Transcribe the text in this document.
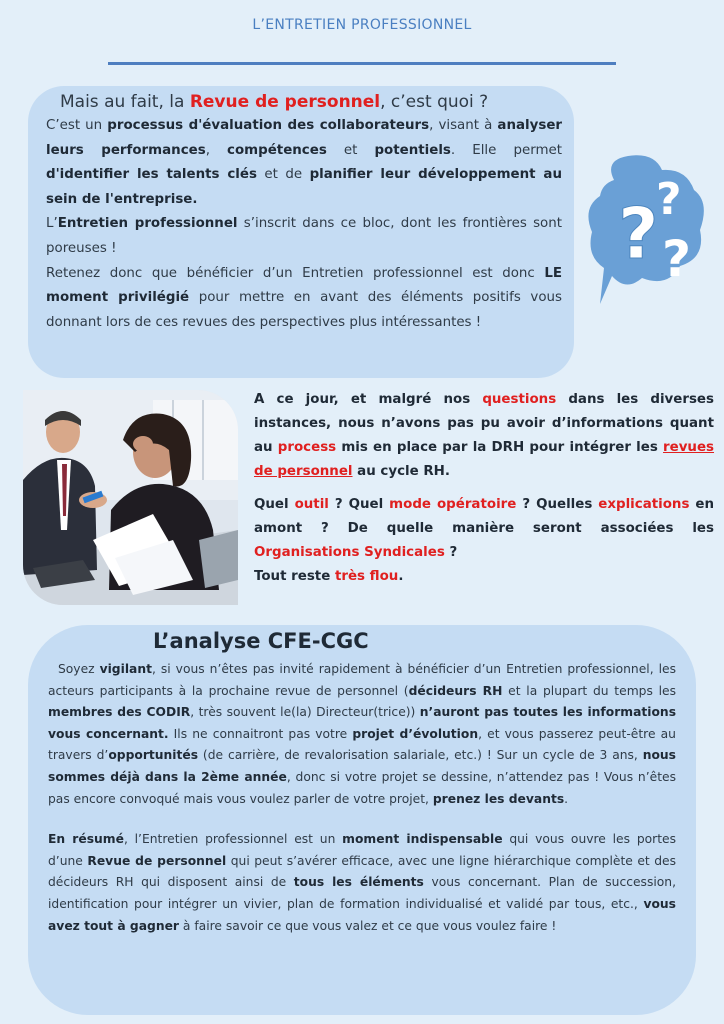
L’ENTRETIEN PROFESSIONNEL
Mais au fait, la Revue de personnel, c’est quoi ?

C’est un processus d'évaluation des collaborateurs, visant à analyser leurs performances, compétences et potentiels. Elle permet d'identifier les talents clés et de planifier leur développement au sein de l'entreprise.

L’Entretien professionnel s’inscrit dans ce bloc, dont les frontières sont poreuses !

Retenez donc que bénéficier d’un Entretien professionnel est donc LE moment privilégié pour mettre en avant des éléments positifs vous donnant lors de ces revues des perspectives plus intéressantes !

?
?
?

A ce jour, et malgré nos questions dans les diverses instances, nous n’avons pas pu avoir d’informations quant au process mis en place par la DRH pour intégrer les revues de personnel au cycle RH.

Quel outil ? Quel mode opératoire ? Quelles explications en amont ? De quelle manière seront associées les Organisations Syndicales ?
Tout reste très flou.

L’analyse CFE-CGC

Soyez vigilant, si vous n’êtes pas invité rapidement à bénéficier d’un Entretien professionnel, les acteurs participants à la prochaine revue de personnel (décideurs RH et la plupart du temps les membres des CODIR, très souvent le(la) Directeur(trice)) n’auront pas toutes les informations vous concernant. Ils ne connaitront pas votre projet d’évolution, et vous passerez peut-être au travers d’opportunités (de carrière, de revalorisation salariale, etc.) ! Sur un cycle de 3 ans, nous sommes déjà dans la 2ème année, donc si votre projet se dessine, n’attendez pas ! Vous n’êtes pas encore convoqué mais vous voulez parler de votre projet, prenez les devants.

En résumé, l’Entretien professionnel est un moment indispensable qui vous ouvre les portes d’une Revue de personnel qui peut s’avérer efficace, avec une ligne hiérarchique complète et des décideurs RH qui disposent ainsi de tous les éléments vous concernant. Plan de succession, identification pour intégrer un vivier, plan de formation individualisé et validé par tous, etc., vous avez tout à gagner à faire savoir ce que vous valez et ce que vous voulez faire !
